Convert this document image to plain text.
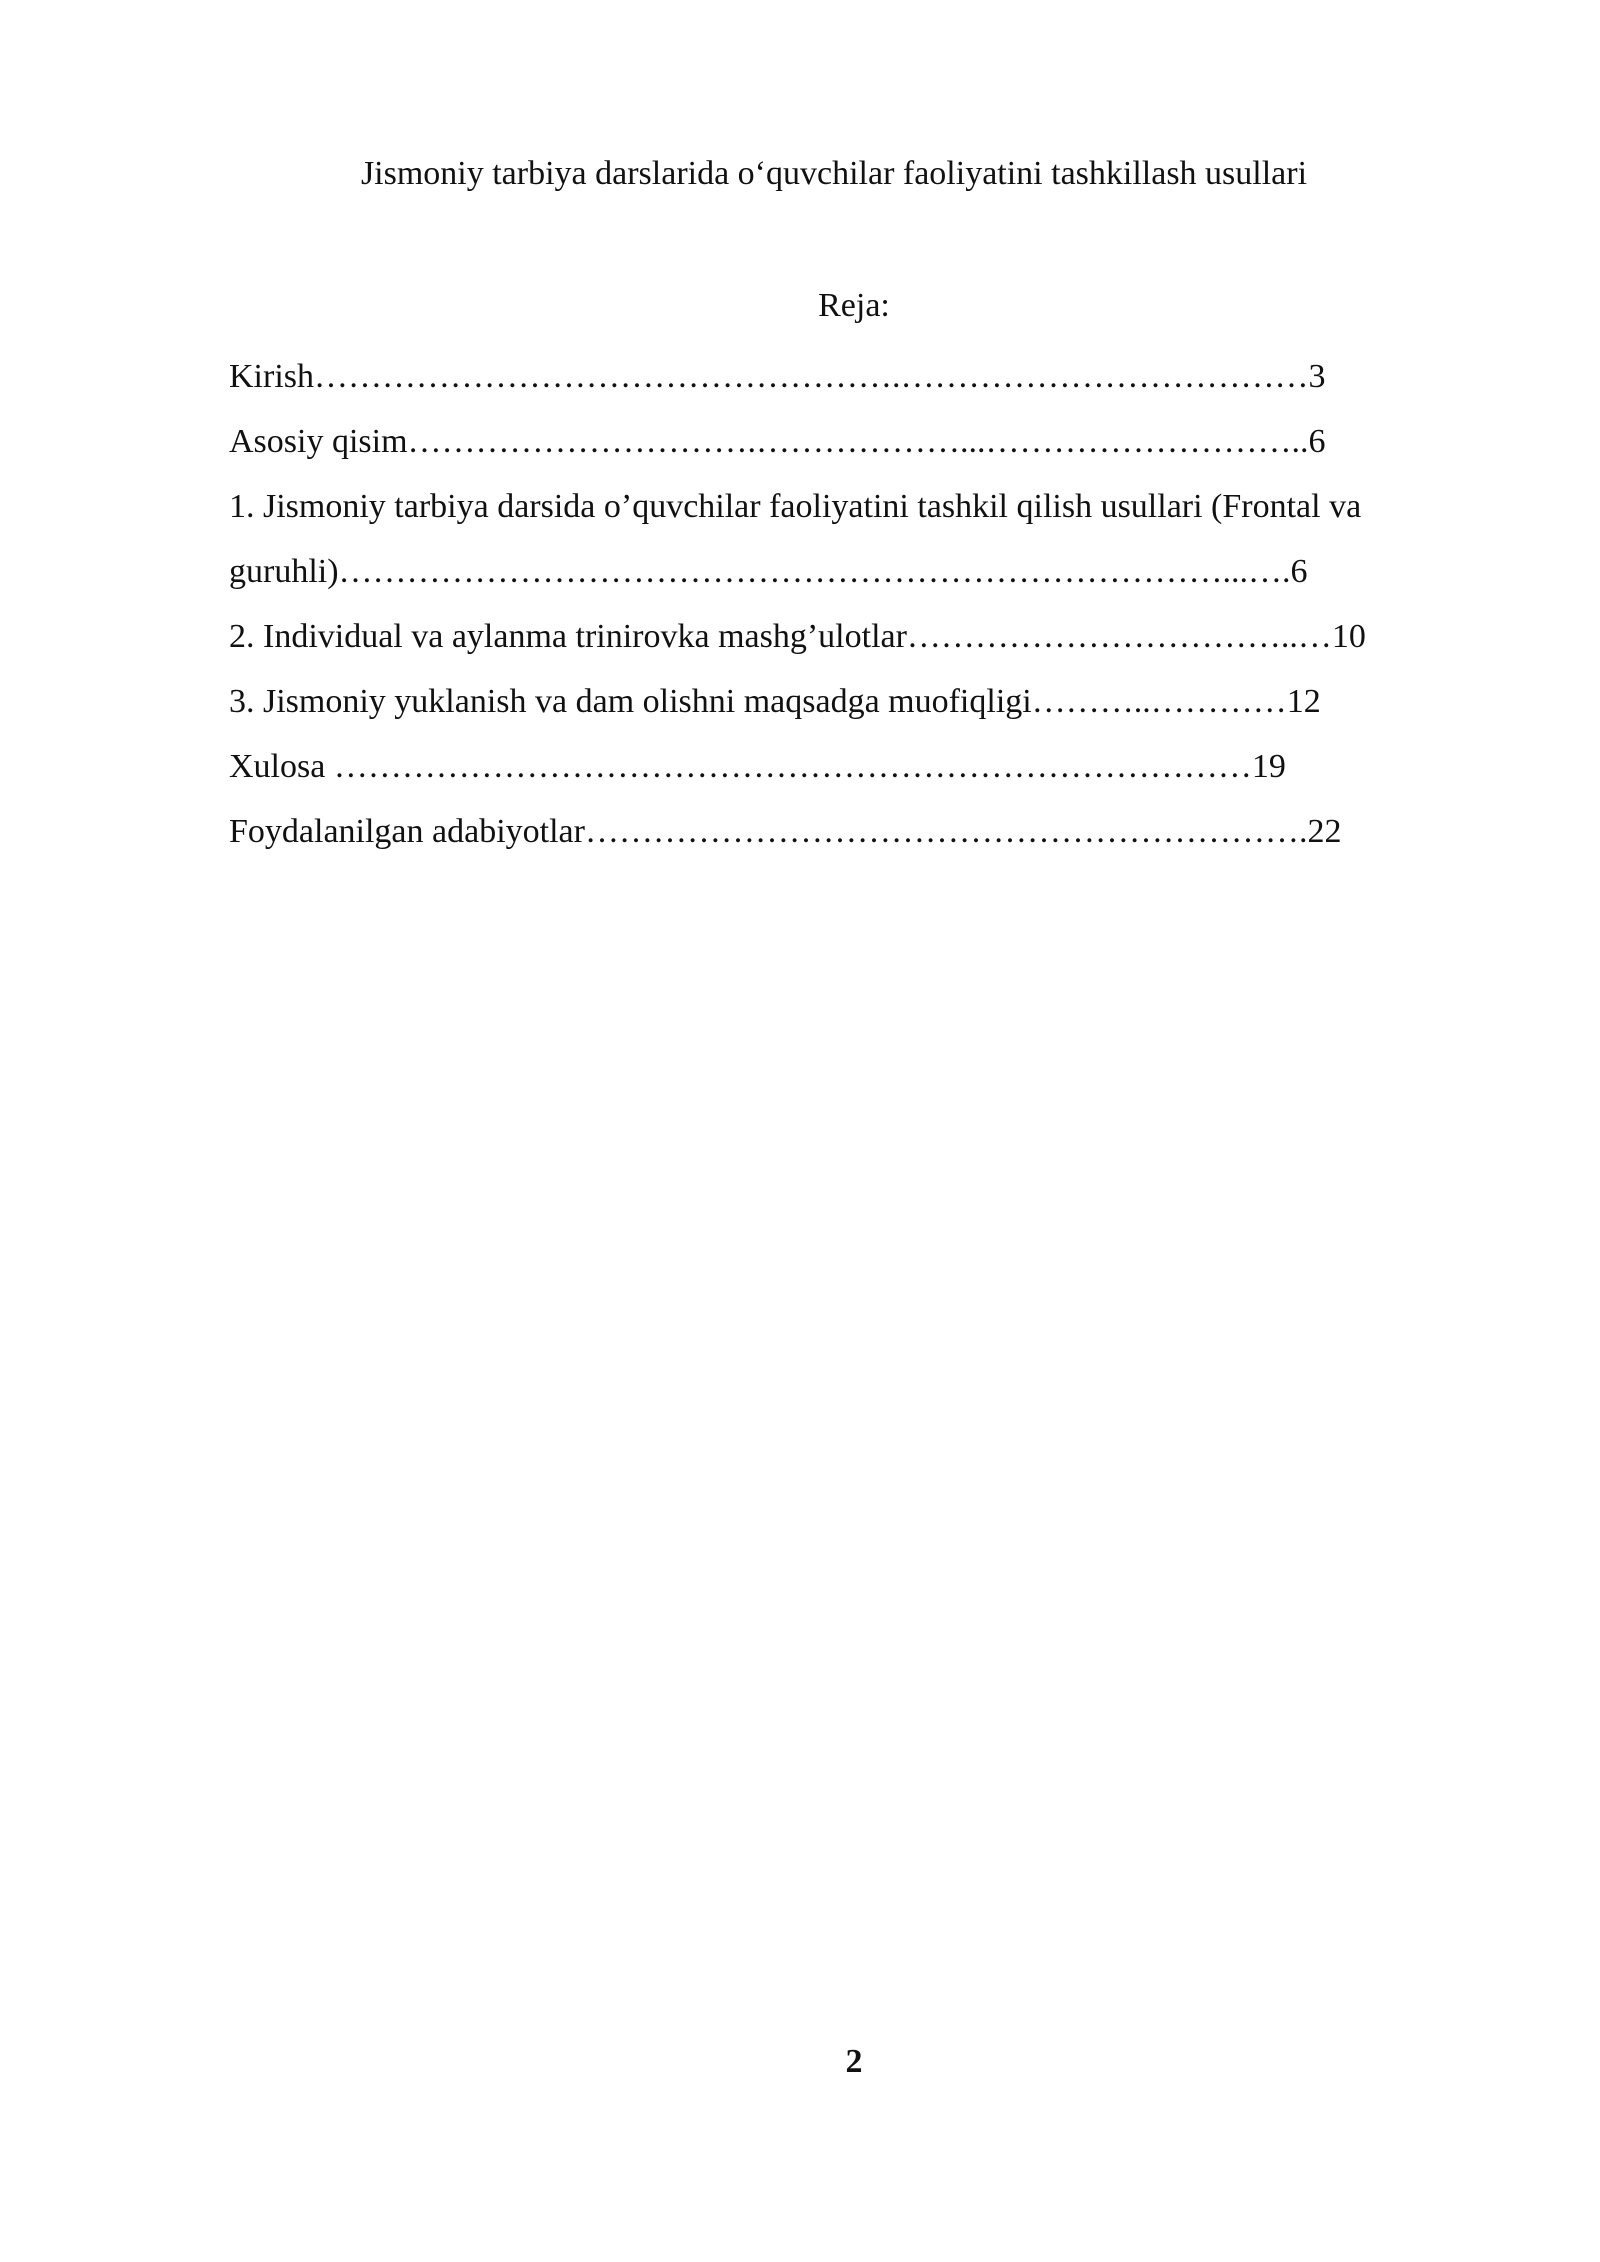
Jismoniy tarbiya darslarida o‘quvchilar faoliyatini tashkillash usullari
Reja:
Kirish…………………………………………….………………………………3
Asosiy qisim………………………….………………...………………………..6
1. Jismoniy tarbiya darsida o’quvchilar faoliyatini tashkil qilish usullari (Frontal va
guruhli)……………………………………………………………………...….6
2. Individual va aylanma trinirovka mashg’ulotlar……………………………..…10
3. Jismoniy yuklanish va dam olishni maqsadga muofiqligi………..…………12
Xulosa ………………………………………………………………………19
Foydalanilgan adabiyotlar……………………………………………………….22
2
